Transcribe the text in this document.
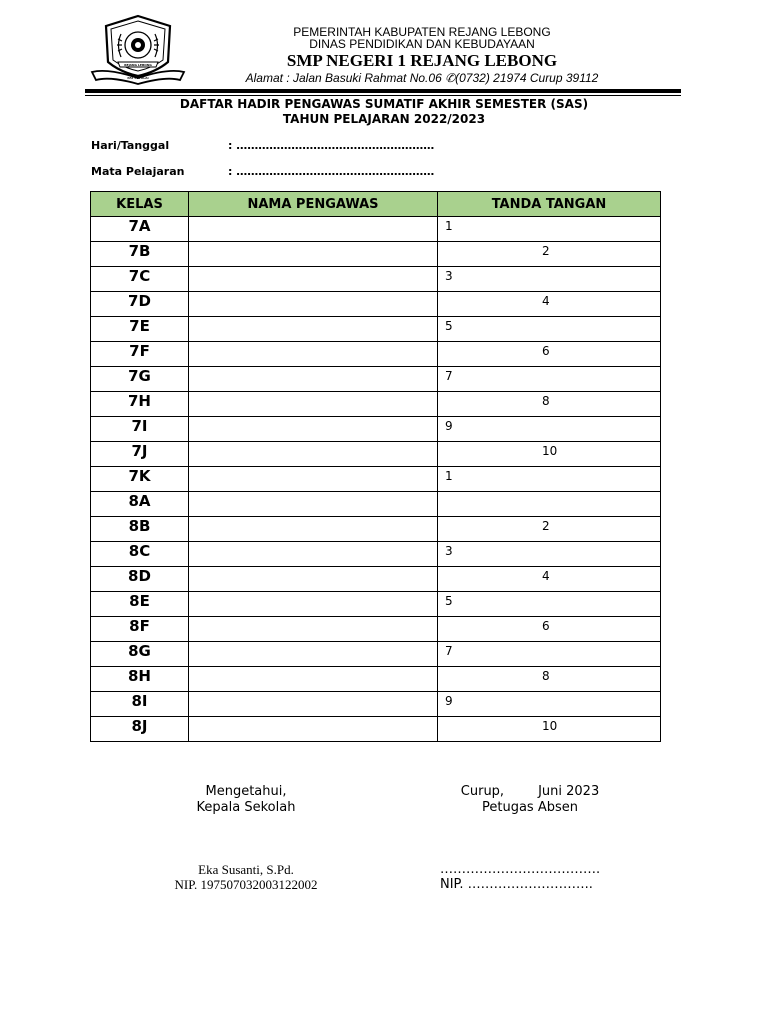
REJANG LEBONG
PAT PETULAI
PEMERINTAH KABUPATEN REJANG LEBONG
DINAS PENDIDIKAN DAN KEBUDAYAAN
SMP NEGERI 1 REJANG LEBONG
Alamat : Jalan Basuki Rahmat No.06 ✆(0732) 21974 Curup 39112
DAFTAR HADIR PENGAWAS SUMATIF AKHIR SEMESTER (SAS)
TAHUN PELAJARAN 2022/2023
Hari/Tanggal	: ………………………………………………
Mata Pelajaran	: ………………………………………………
KELAS	NAMA PENGAWAS	TANDA TANGAN
7A		1

7B		2

7C		3

7D		4

7E		5

7F		6

7G		7

7H		8

7I		9

7J		10

7K		1

8A		

8B		2

8C		3

8D		4

8E		5

8F		6

8G		7

8H		8

8I		9

8J		10
Mengetahui,
Kepala Sekolah
Curup,	Juni 2023
Petugas Absen
Eka Susanti, S.Pd.
NIP. 197507032003122002
……………………………….
NIP. ………………………..
